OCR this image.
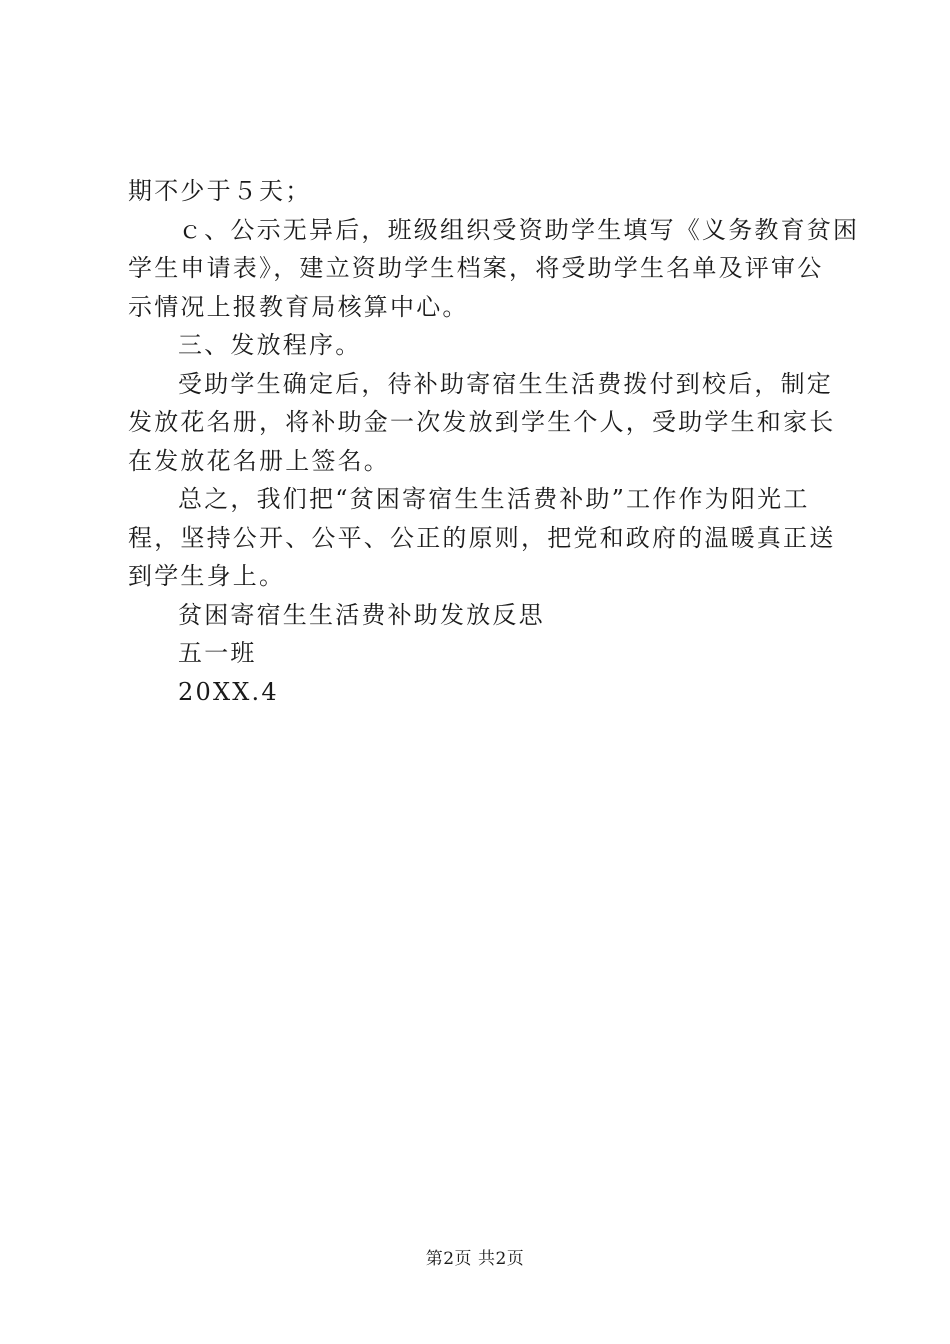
期不少于５天；
ｃ、公示无异后，班级组织受资助学生填写《义务教育贫困
学生申请表》，建立资助学生档案，将受助学生名单及评审公
示情况上报教育局核算中心。
三、发放程序。
受助学生确定后，待补助寄宿生生活费拨付到校后，制定
发放花名册，将补助金一次发放到学生个人，受助学生和家长
在发放花名册上签名。
总之，我们把“贫困寄宿生生活费补助”工作作为阳光工
程，坚持公开、公平、公正的原则，把党和政府的温暖真正送
到学生身上。
贫困寄宿生生活费补助发放反思
五一班
20XX.4
第2页 共2页
